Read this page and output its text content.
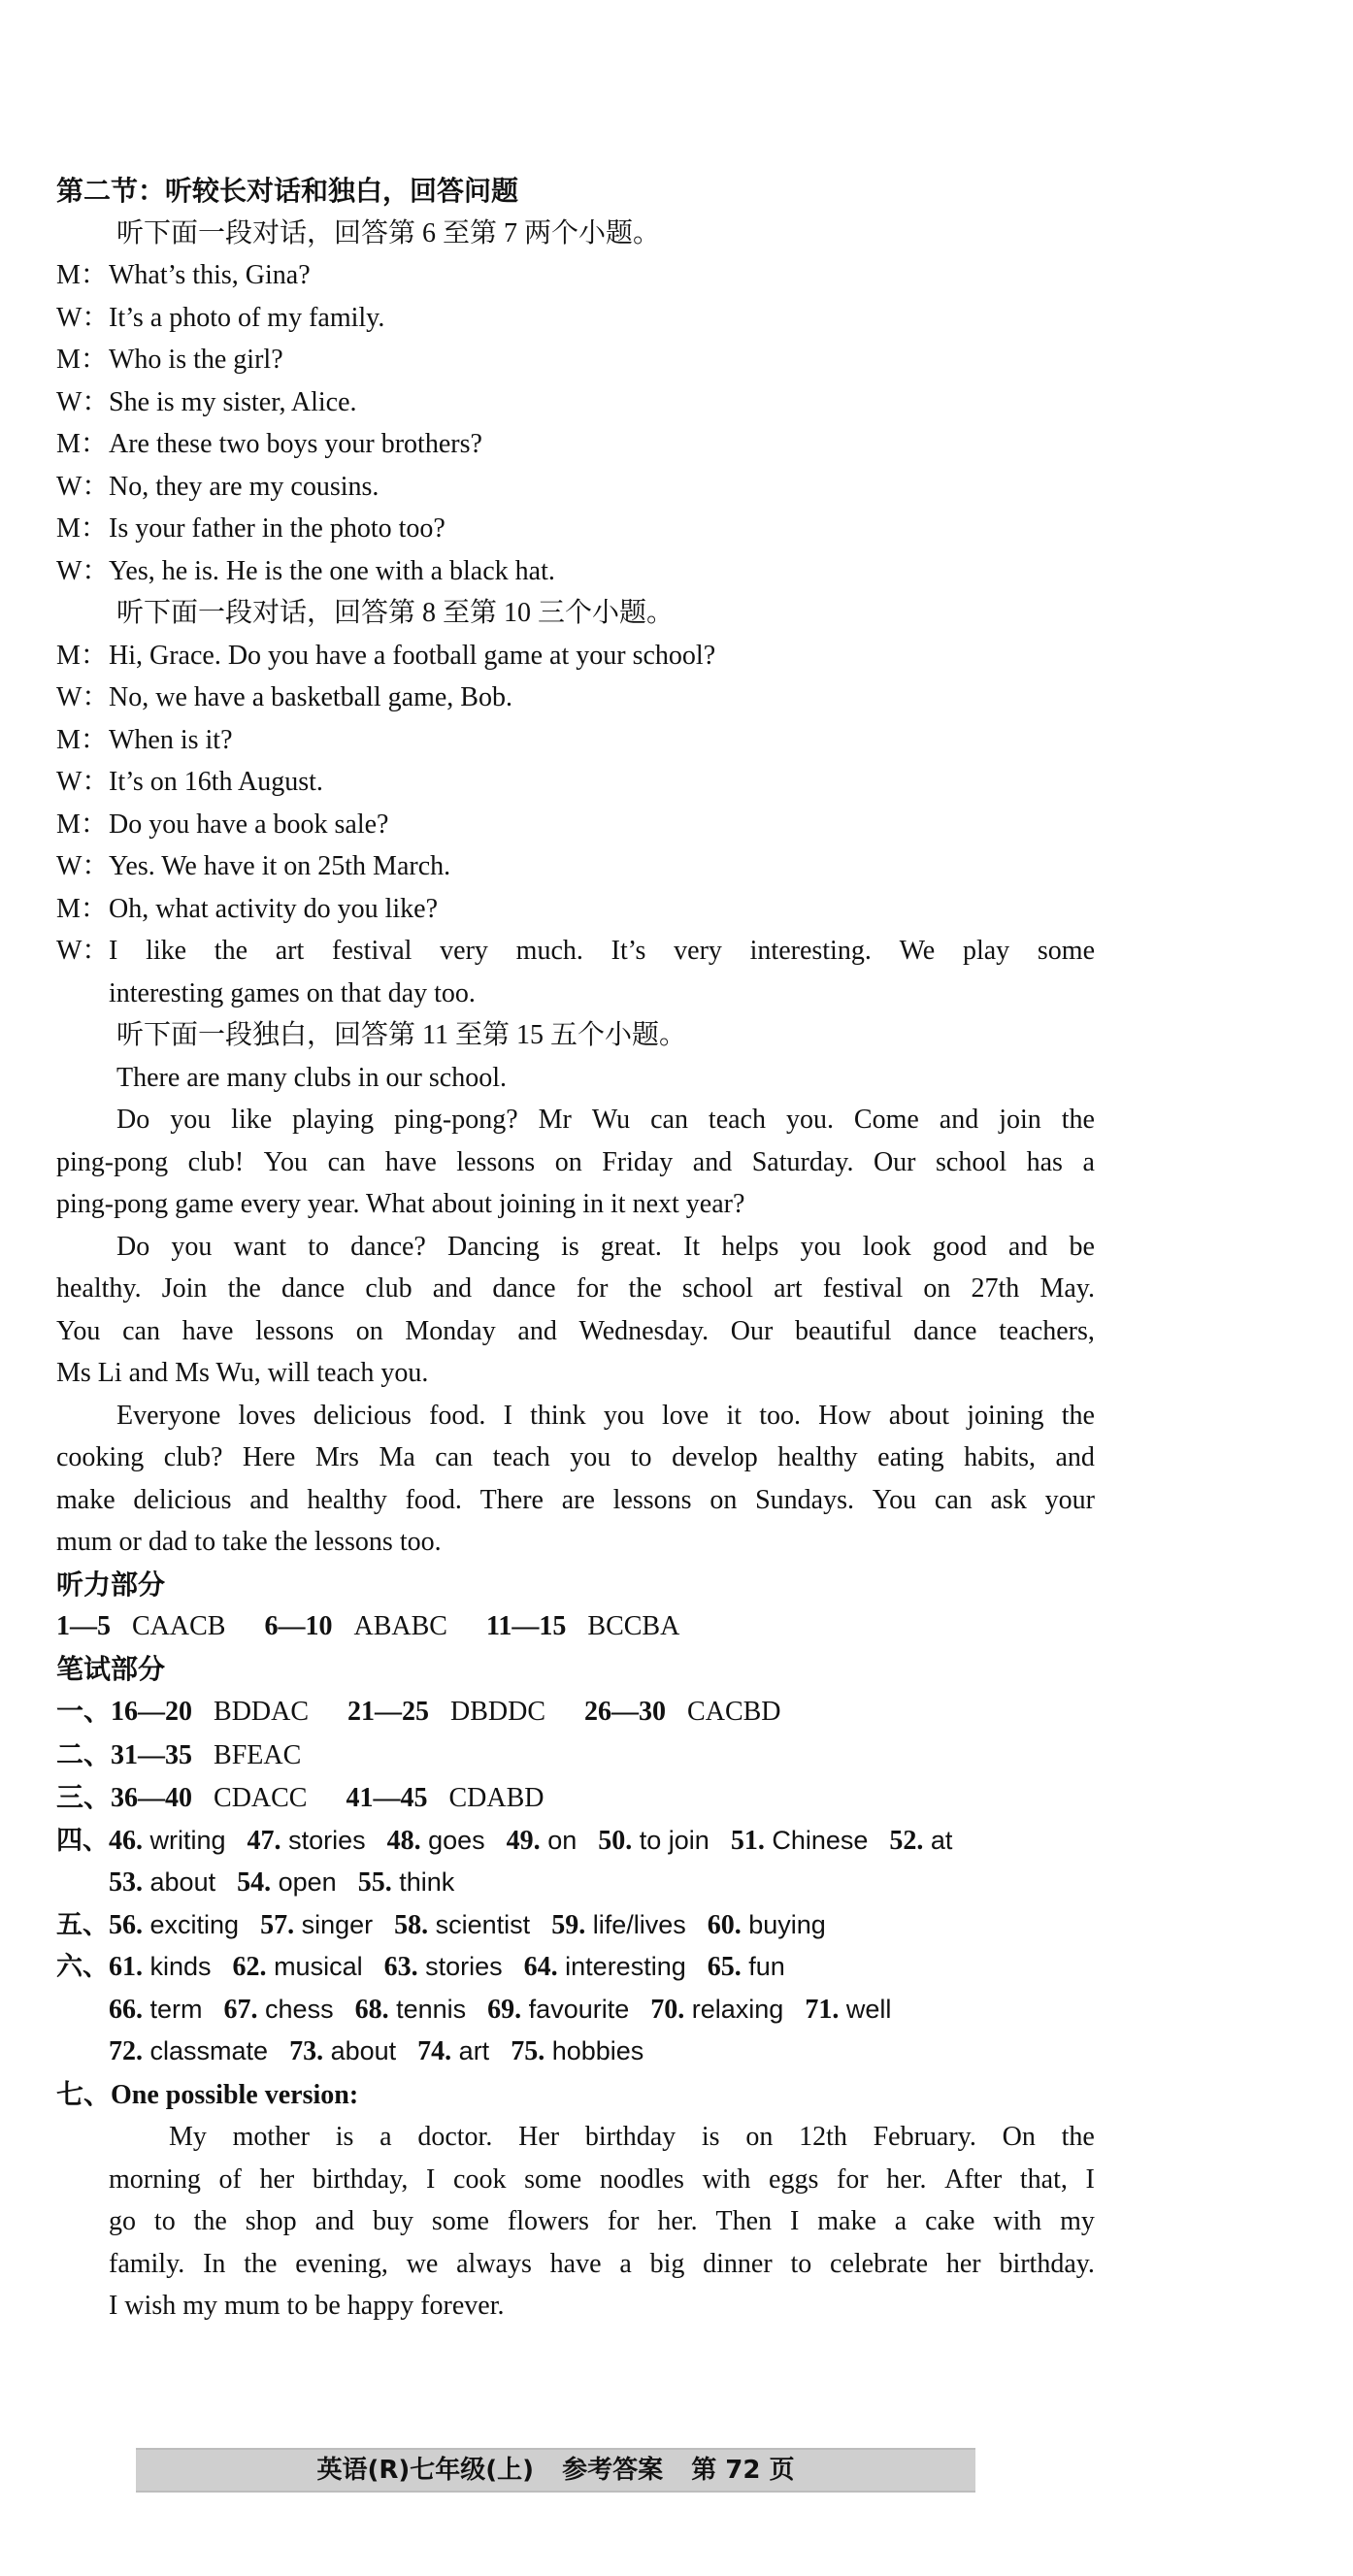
第二节：听较长对话和独白，回答问题
听下面一段对话，回答第 6 至第 7 两个小题。
M：What’s this, Gina?
W：It’s a photo of my family.
M：Who is the girl?
W：She is my sister, Alice.
M：Are these two boys your brothers?
W：No, they are my cousins.
M：Is your father in the photo too?
W：Yes, he is. He is the one with a black hat.
听下面一段对话，回答第 8 至第 10 三个小题。
M：Hi, Grace. Do you have a football game at your school?
W：No, we have a basketball game, Bob.
M：When is it?
W：It’s on 16th August.
M：Do you have a book sale?
W：Yes. We have it on 25th March.
M：Oh, what activity do you like?
W： I like the art festival very much. It’s very interesting. We play some
interesting games on that day too.
听下面一段独白，回答第 11 至第 15 五个小题。
There are many clubs in our school.
Do you like playing ping-pong? Mr Wu can teach you. Come and join the
ping-pong club! You can have lessons on Friday and Saturday. Our school has a
ping-pong game every year. What about joining in it next year?
Do you want to dance? Dancing is great. It helps you look good and be
healthy. Join the dance club and dance for the school art festival on 27th May.
You can have lessons on Monday and Wednesday. Our beautiful dance teachers,
Ms Li and Ms Wu, will teach you.
Everyone loves delicious food. I think you love it too. How about joining the
cooking club? Here Mrs Ma can teach you to develop healthy eating habits, and
make delicious and healthy food. There are lessons on Sundays. You can ask your
mum or dad to take the lessons too.
听力部分
1—5 CAACB 6—10 ABABC 11—15 BCCBA
笔试部分
一、16—20 BDDAC 21—25 DBDDC 26—30 CACBD
二、31—35 BFEAC
三、36—40 CDACC 41—45 CDABD
四、46. writing 47. stories 48. goes 49. on 50. to join 51. Chinese 52. at
53. about 54. open 55. think
五、56. exciting 57. singer 58. scientist 59. life/lives 60. buying
六、61. kinds 62. musical 63. stories 64. interesting 65. fun
66. term 67. chess 68. tennis 69. favourite 70. relaxing 71. well
72. classmate 73. about 74. art 75. hobbies
七、One possible version:
My mother is a doctor. Her birthday is on 12th February. On the
morning of her birthday, I cook some noodles with eggs for her. After that, I
go to the shop and buy some flowers for her. Then I make a cake with my
family. In the evening, we always have a big dinner to celebrate her birthday.
I wish my mum to be happy forever.
英语(R)七年级(上) 参考答案 第 72 页
